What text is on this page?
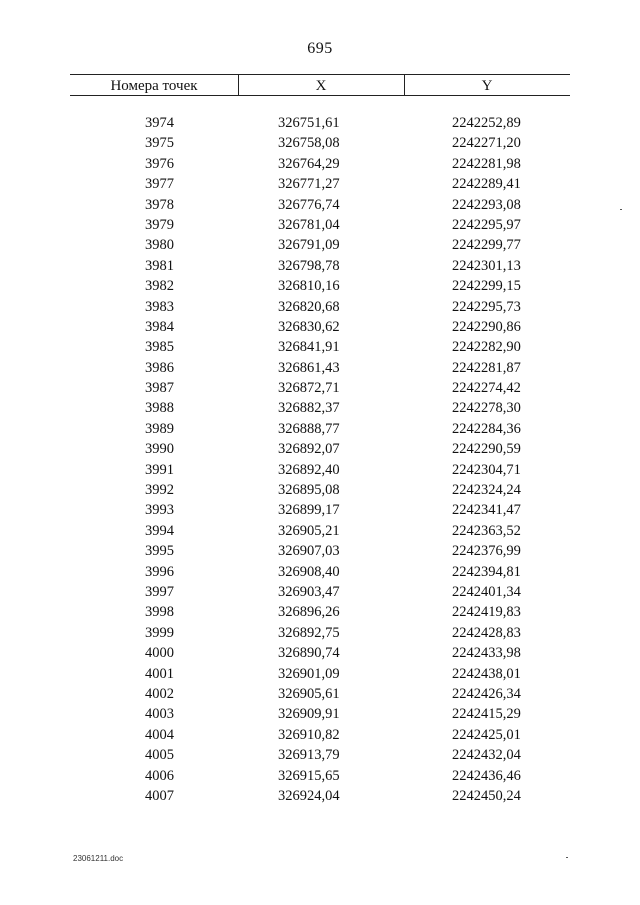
695
Номера точек	X	Y
3974	326751,61	2242252,89
3975	326758,08	2242271,20
3976	326764,29	2242281,98
3977	326771,27	2242289,41
3978	326776,74	2242293,08
3979	326781,04	2242295,97
3980	326791,09	2242299,77
3981	326798,78	2242301,13
3982	326810,16	2242299,15
3983	326820,68	2242295,73
3984	326830,62	2242290,86
3985	326841,91	2242282,90
3986	326861,43	2242281,87
3987	326872,71	2242274,42
3988	326882,37	2242278,30
3989	326888,77	2242284,36
3990	326892,07	2242290,59
3991	326892,40	2242304,71
3992	326895,08	2242324,24
3993	326899,17	2242341,47
3994	326905,21	2242363,52
3995	326907,03	2242376,99
3996	326908,40	2242394,81
3997	326903,47	2242401,34
3998	326896,26	2242419,83
3999	326892,75	2242428,83
4000	326890,74	2242433,98
4001	326901,09	2242438,01
4002	326905,61	2242426,34
4003	326909,91	2242415,29
4004	326910,82	2242425,01
4005	326913,79	2242432,04
4006	326915,65	2242436,46
4007	326924,04	2242450,24
23061211.doc
